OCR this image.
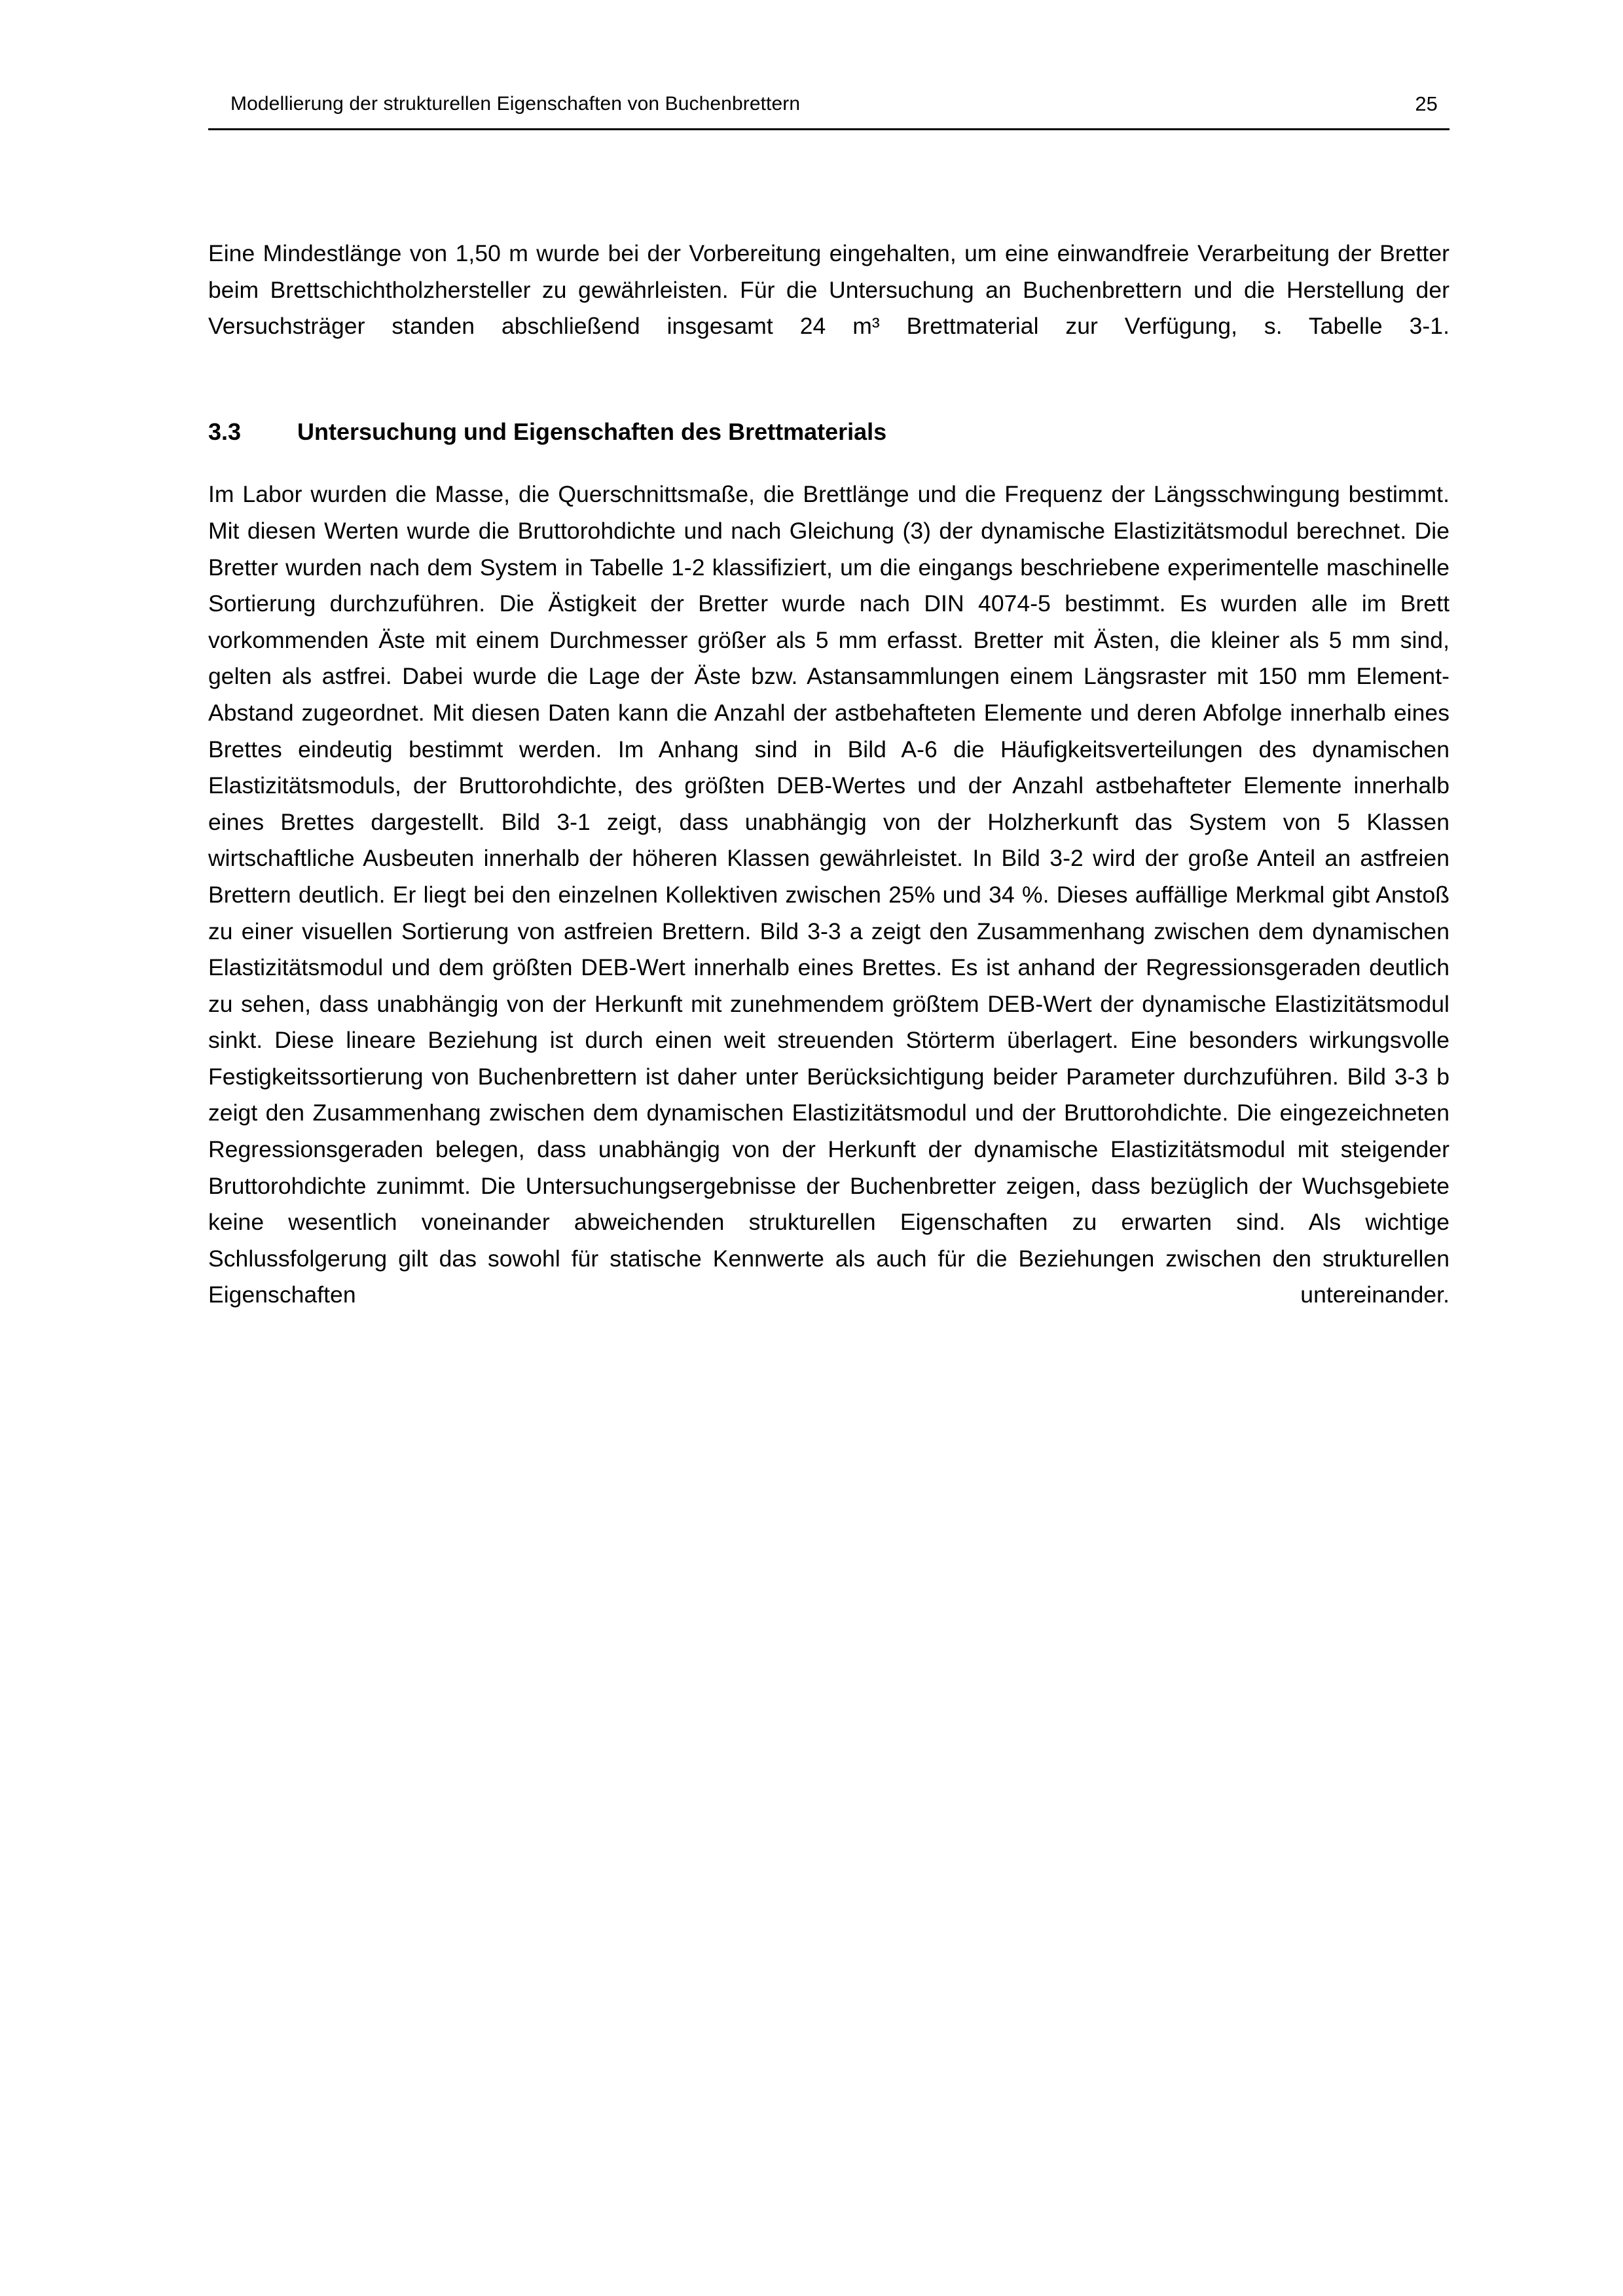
Modellierung der strukturellen Eigenschaften von Buchenbrettern	25

Eine Mindestlänge von 1,50 m wurde bei der Vorbereitung eingehalten, um eine einwandfreie Verarbeitung der Bretter beim Brettschichtholzhersteller zu gewährleisten. Für die Untersuchung an Buchenbrettern und die Herstellung der Versuchsträger standen abschließend insgesamt 24 m³ Brettmaterial zur Verfügung, s. Tabelle 3-1.

3.3	Untersuchung und Eigenschaften des Brettmaterials

Im Labor wurden die Masse, die Querschnittsmaße, die Brettlänge und die Frequenz der Längsschwingung bestimmt. Mit diesen Werten wurde die Bruttorohdichte und nach Gleichung (3) der dynamische Elastizitätsmodul berechnet. Die Bretter wurden nach dem System in Tabelle 1-2 klassifiziert, um die eingangs beschriebene experimentelle maschinelle Sortierung durchzuführen. Die Ästigkeit der Bretter wurde nach DIN 4074-5 bestimmt. Es wurden alle im Brett vorkommenden Äste mit einem Durchmesser größer als 5 mm erfasst. Bretter mit Ästen, die kleiner als 5 mm sind, gelten als astfrei. Dabei wurde die Lage der Äste bzw. Astansammlungen einem Längsraster mit 150 mm Element-Abstand zugeordnet. Mit diesen Daten kann die Anzahl der astbehafteten Elemente und deren Abfolge innerhalb eines Brettes eindeutig bestimmt werden. Im Anhang sind in Bild A-6 die Häufigkeitsverteilungen des dynamischen Elastizitätsmoduls, der Bruttorohdichte, des größten DEB-Wertes und der Anzahl astbehafteter Elemente innerhalb eines Brettes dargestellt. Bild 3-1 zeigt, dass unabhängig von der Holzherkunft das System von 5 Klassen wirtschaftliche Ausbeuten innerhalb der höheren Klassen gewährleistet. In Bild 3-2 wird der große Anteil an astfreien Brettern deutlich. Er liegt bei den einzelnen Kollektiven zwischen 25% und 34 %. Dieses auffällige Merkmal gibt Anstoß zu einer visuellen Sortierung von astfreien Brettern. Bild 3-3 a zeigt den Zusammenhang zwischen dem dynamischen Elastizitätsmodul und dem größten DEB-Wert innerhalb eines Brettes. Es ist anhand der Regressionsgeraden deutlich zu sehen, dass unabhängig von der Herkunft mit zunehmendem größtem DEB-Wert der dynamische Elastizitätsmodul sinkt. Diese lineare Beziehung ist durch einen weit streuenden Störterm überlagert. Eine besonders wirkungsvolle Festigkeitssortierung von Buchenbrettern ist daher unter Berücksichtigung beider Parameter durchzuführen. Bild 3-3 b zeigt den Zusammenhang zwischen dem dynamischen Elastizitätsmodul und der Bruttorohdichte. Die eingezeichneten Regressionsgeraden belegen, dass unabhängig von der Herkunft der dynamische Elastizitätsmodul mit steigender Bruttorohdichte zunimmt. Die Untersuchungsergebnisse der Buchenbretter zeigen, dass bezüglich der Wuchsgebiete keine wesentlich voneinander abweichenden strukturellen Eigenschaften zu erwarten sind. Als wichtige Schlussfolgerung gilt das sowohl für statische Kennwerte als auch für die Beziehungen zwischen den strukturellen Eigenschaften untereinander.
